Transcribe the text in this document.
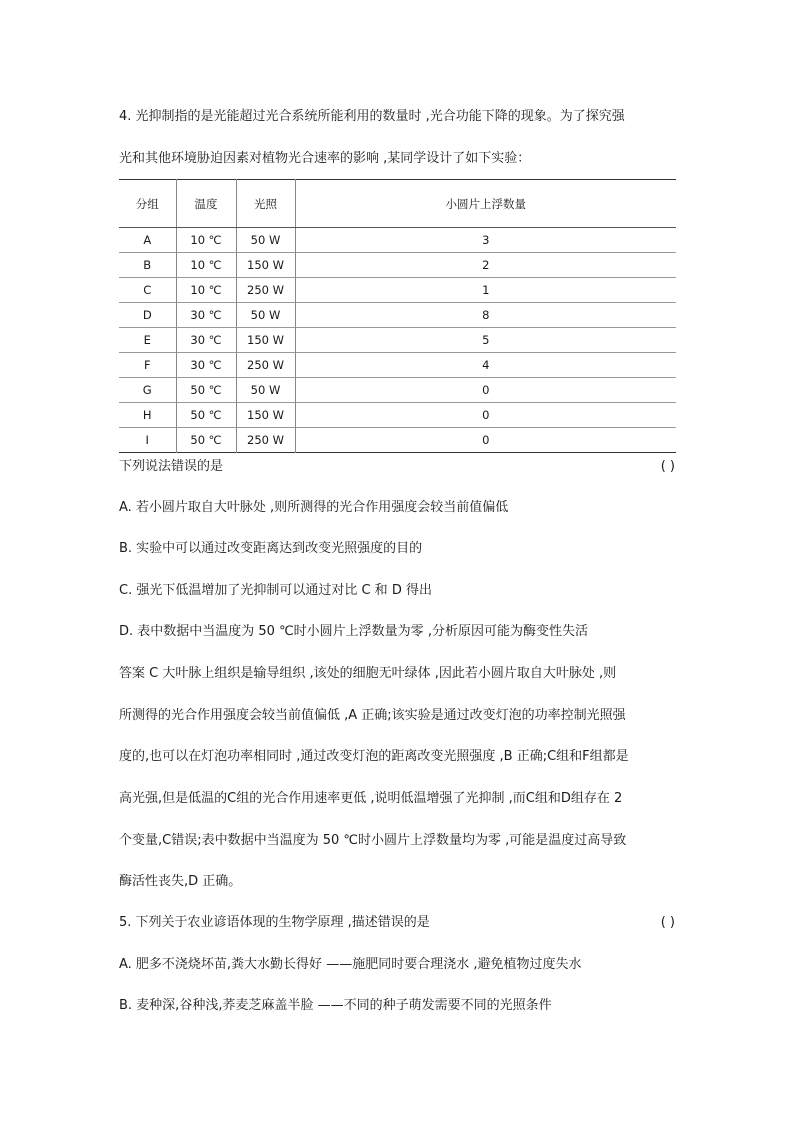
4. 光抑制指的是光能超过光合系统所能利用的数量时 ,光合功能下降的现象。为了探究强
光和其他环境胁迫因素对植物光合速率的影响 ,某同学设计了如下实验：
分组	温度	光照	小圆片上浮数量
A	10 ℃	50 W	3
B	10 ℃	150 W	2
C	10 ℃	250 W	1
D	30 ℃	50 W	8
E	30 ℃	150 W	5
F	30 ℃	250 W	4
G	50 ℃	50 W	0
H	50 ℃	150 W	0
I	50 ℃	250 W	0
下列说法错误的是	( )
A. 若小圆片取自大叶脉处 ,则所测得的光合作用强度会较当前值偏低
B. 实验中可以通过改变距离达到改变光照强度的目的
C. 强光下低温增加了光抑制可以通过对比 C 和 D 得出
D. 表中数据中当温度为 50 ℃时小圆片上浮数量为零 ,分析原因可能为酶变性失活
答案 C 大叶脉上组织是输导组织 ,该处的细胞无叶绿体 ,因此若小圆片取自大叶脉处 ,则
所测得的光合作用强度会较当前值偏低 ,A 正确;该实验是通过改变灯泡的功率控制光照强
度的,也可以在灯泡功率相同时 ,通过改变灯泡的距离改变光照强度 ,B 正确;C组和F组都是
高光强,但是低温的C组的光合作用速率更低 ,说明低温增强了光抑制 ,而C组和D组存在 2
个变量,C错误;表中数据中当温度为 50 ℃时小圆片上浮数量均为零 ,可能是温度过高导致
酶活性丧失,D 正确。
5. 下列关于农业谚语体现的生物学原理 ,描述错误的是	( )
A. 肥多不浇烧坏苗,粪大水勤长得好 ——施肥同时要合理浇水 ,避免植物过度失水
B. 麦种深,谷种浅,荞麦芝麻盖半脸 ——不同的种子萌发需要不同的光照条件
